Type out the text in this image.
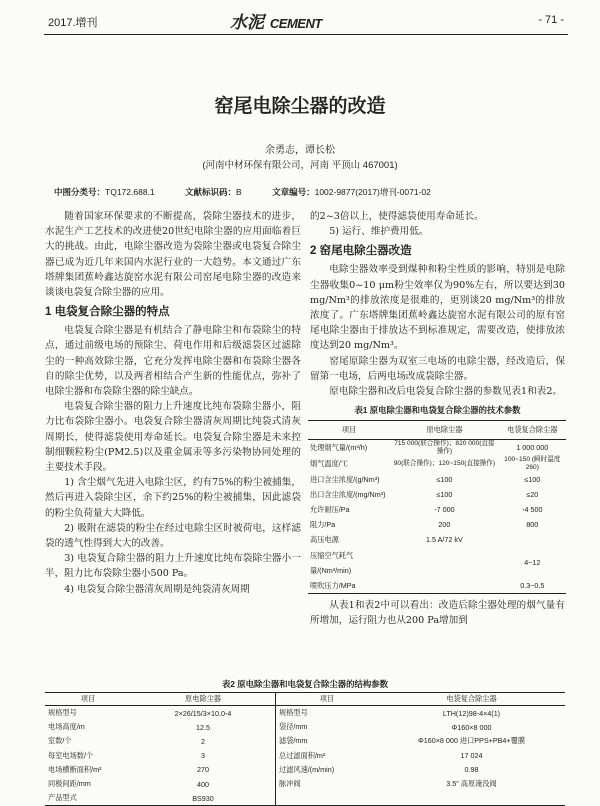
2017.增刊	水泥 CEMENT	- 71 -
窑尾电除尘器的改造
余勇志，谭长松
(河南中材环保有限公司，河南 平顶山 467001)
中图分类号：TQ172.688.1	文献标识码：B	文章编号：1002-9877(2017)增刊-0071-02

随着国家环保要求的不断提高，袋除尘器技术的进步，水泥生产工艺技术的改进使20世纪电除尘器的应用面临着巨大的挑战。由此，电除尘器改造为袋除尘器或电袋复合除尘器已成为近几年来国内水泥行业的一大趋势。本文通过广东塔牌集团蕉岭鑫达旋窑水泥有限公司窑尾电除尘器的改造来谈谈电袋复合除尘器的应用。

1 电袋复合除尘器的特点

电袋复合除尘器是有机结合了静电除尘和布袋除尘的特点，通过前级电场的预除尘、荷电作用和后级滤袋区过滤除尘的一种高效除尘器，它充分发挥电除尘器和布袋除尘器各自的除尘优势，以及两者相结合产生新的性能优点，弥补了电除尘器和布袋除尘器的除尘缺点。

电袋复合除尘器的阻力上升速度比纯布袋除尘器小，阻力比布袋除尘器小。电袋复合除尘器清灰周期比纯袋式清灰周期长，使得滤袋使用寿命延长。电袋复合除尘器是未来控制细颗粒粉尘(PM2.5)以及重金属汞等多污染物协同处理的主要技术手段。

1) 含尘烟气先进入电除尘区，约有75%的粉尘被捕集，然后再进入袋除尘区，余下约25%的粉尘被捕集，因此滤袋的粉尘负荷量大大降低。

2) 吸附在滤袋的粉尘在经过电除尘区时被荷电，这样滤袋的透气性得到大大的改善。

3) 电袋复合除尘器的阻力上升速度比纯布袋除尘器小一半，阻力比布袋除尘器小500 Pa。

4) 电袋复合除尘器清灰周期是纯袋清灰周期

的2~3倍以上，使得滤袋使用寿命延长。

5) 运行、维护费用低。

2 窑尾电除尘器改造

电除尘器效率受到煤种和粉尘性质的影响，特别是电除尘器收集0~10 μm粉尘效率仅为90%左右，所以要达到30 mg/Nm³的排放浓度是很难的，更别谈20 mg/Nm³的排放浓度了。广东塔牌集团蕉岭鑫达旋窑水泥有限公司的原有窑尾电除尘器由于排放达不到标准规定，需要改造，使排放浓度达到20 mg/Nm³。

窑尾原除尘器为双室三电场的电除尘器，经改造后，保留第一电场，后两电场改成袋除尘器。

原电除尘器和改后电袋复合除尘器的参数见表1和表2。

表1 原电除尘器和电袋复合除尘器的技术参数
项目	原电除尘器	电袋复合除尘器
处理烟气量/(m³/h)	715 000(联合操作)；820 000(直接操作)	1 000 000
烟气温度/℃	90(联合操作)；120~150(直接操作)	100~150 (瞬时温度260)
进口含尘浓度/(g/Nm³)	≤100	≤100
出口含尘浓度/(mg/Nm³)	≤100	≤20
允许耐压/Pa	-7 000	-4 500
阻力/Pa	200	800
高压电源	1.5 A/72 kV	
压缩空气耗气量/(Nm³/min)		4~12
喷吹压力/MPa		0.3~0.5

从表1和表2中可以看出：改造后除尘器处理的烟气量有所增加，运行阻力也从200 Pa增加到

表2 原电除尘器和电袋复合除尘器的结构参数
项目	原电除尘器	项目	电袋复合除尘器
规格型号	2×26/15/3×10.0-4	规格型号	LTH(12)98-4×4(1)
电场高度/m	12.5	袋径/mm	Φ160×8 000
室数/个	2	滤袋/mm	Φ160×8 000 进口PPS+PB4+覆膜
每室电场数/个	3	总过滤面积/m²	17 024
电场横断面积/m²	270	过滤风速/(m/min)	0.98
同极间距/mm	400	脉冲阀	3.5" 高原淹没阀
产品型式	BS930		
